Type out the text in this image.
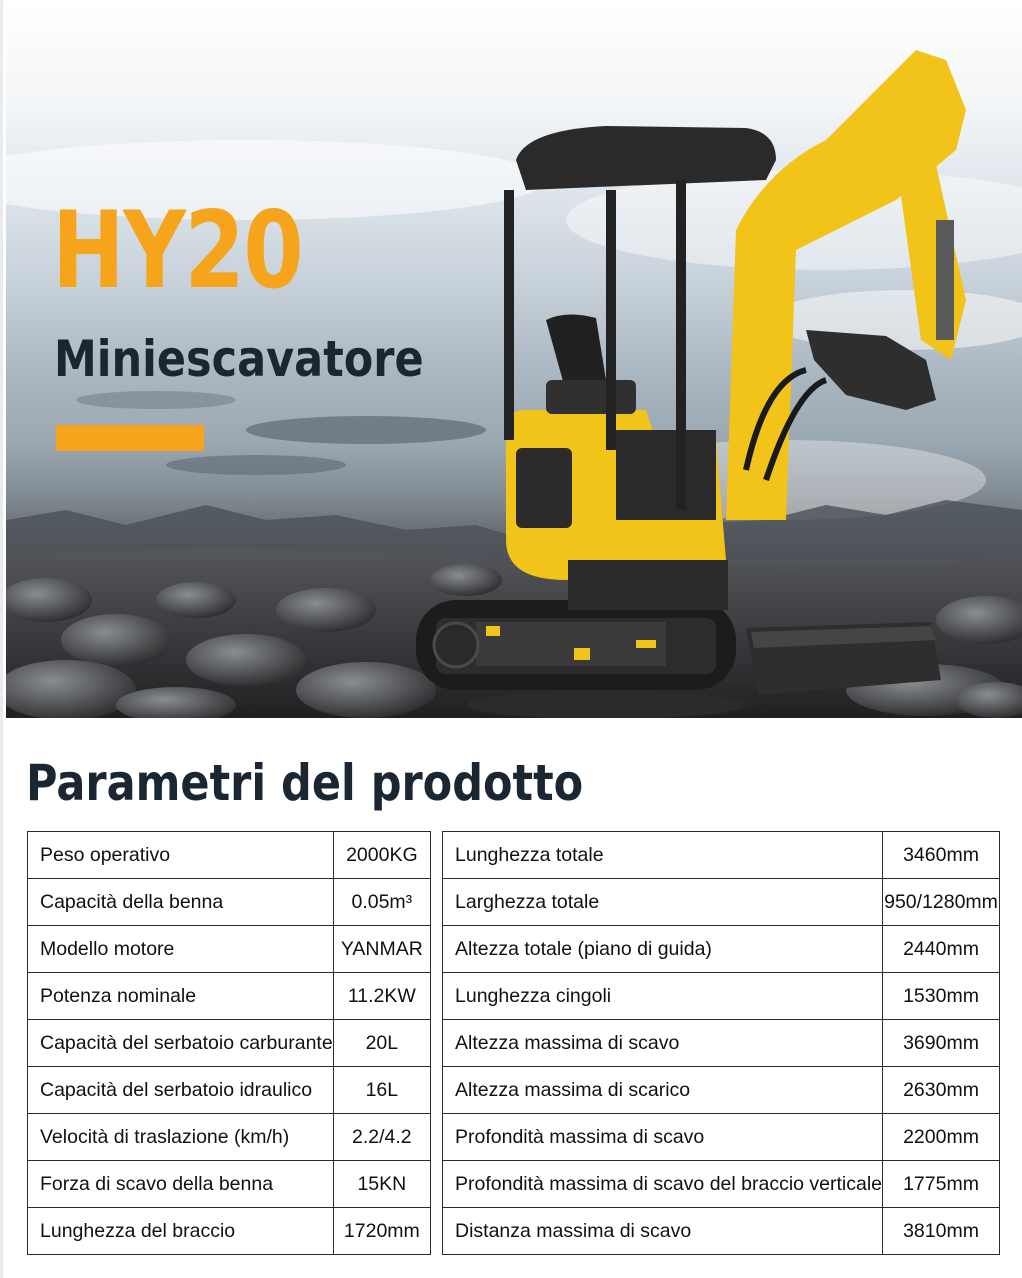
HY20
Miniescavatore
Parametri del prodotto
Peso operativo	2000KG
Capacità della benna	0.05m³
Modello motore	YANMAR
Potenza nominale	11.2KW
Capacità del serbatoio carburante	20L
Capacità del serbatoio idraulico	16L
Velocità di traslazione (km/h)	2.2/4.2
Forza di scavo della benna	15KN
Lunghezza del braccio	1720mm
Lunghezza totale	3460mm
Larghezza totale	950/1280mm
Altezza totale (piano di guida)	2440mm
Lunghezza cingoli	1530mm
Altezza massima di scavo	3690mm
Altezza massima di scarico	2630mm
Profondità massima di scavo	2200mm
Profondità massima di scavo del braccio verticale	1775mm
Distanza massima di scavo	3810mm
